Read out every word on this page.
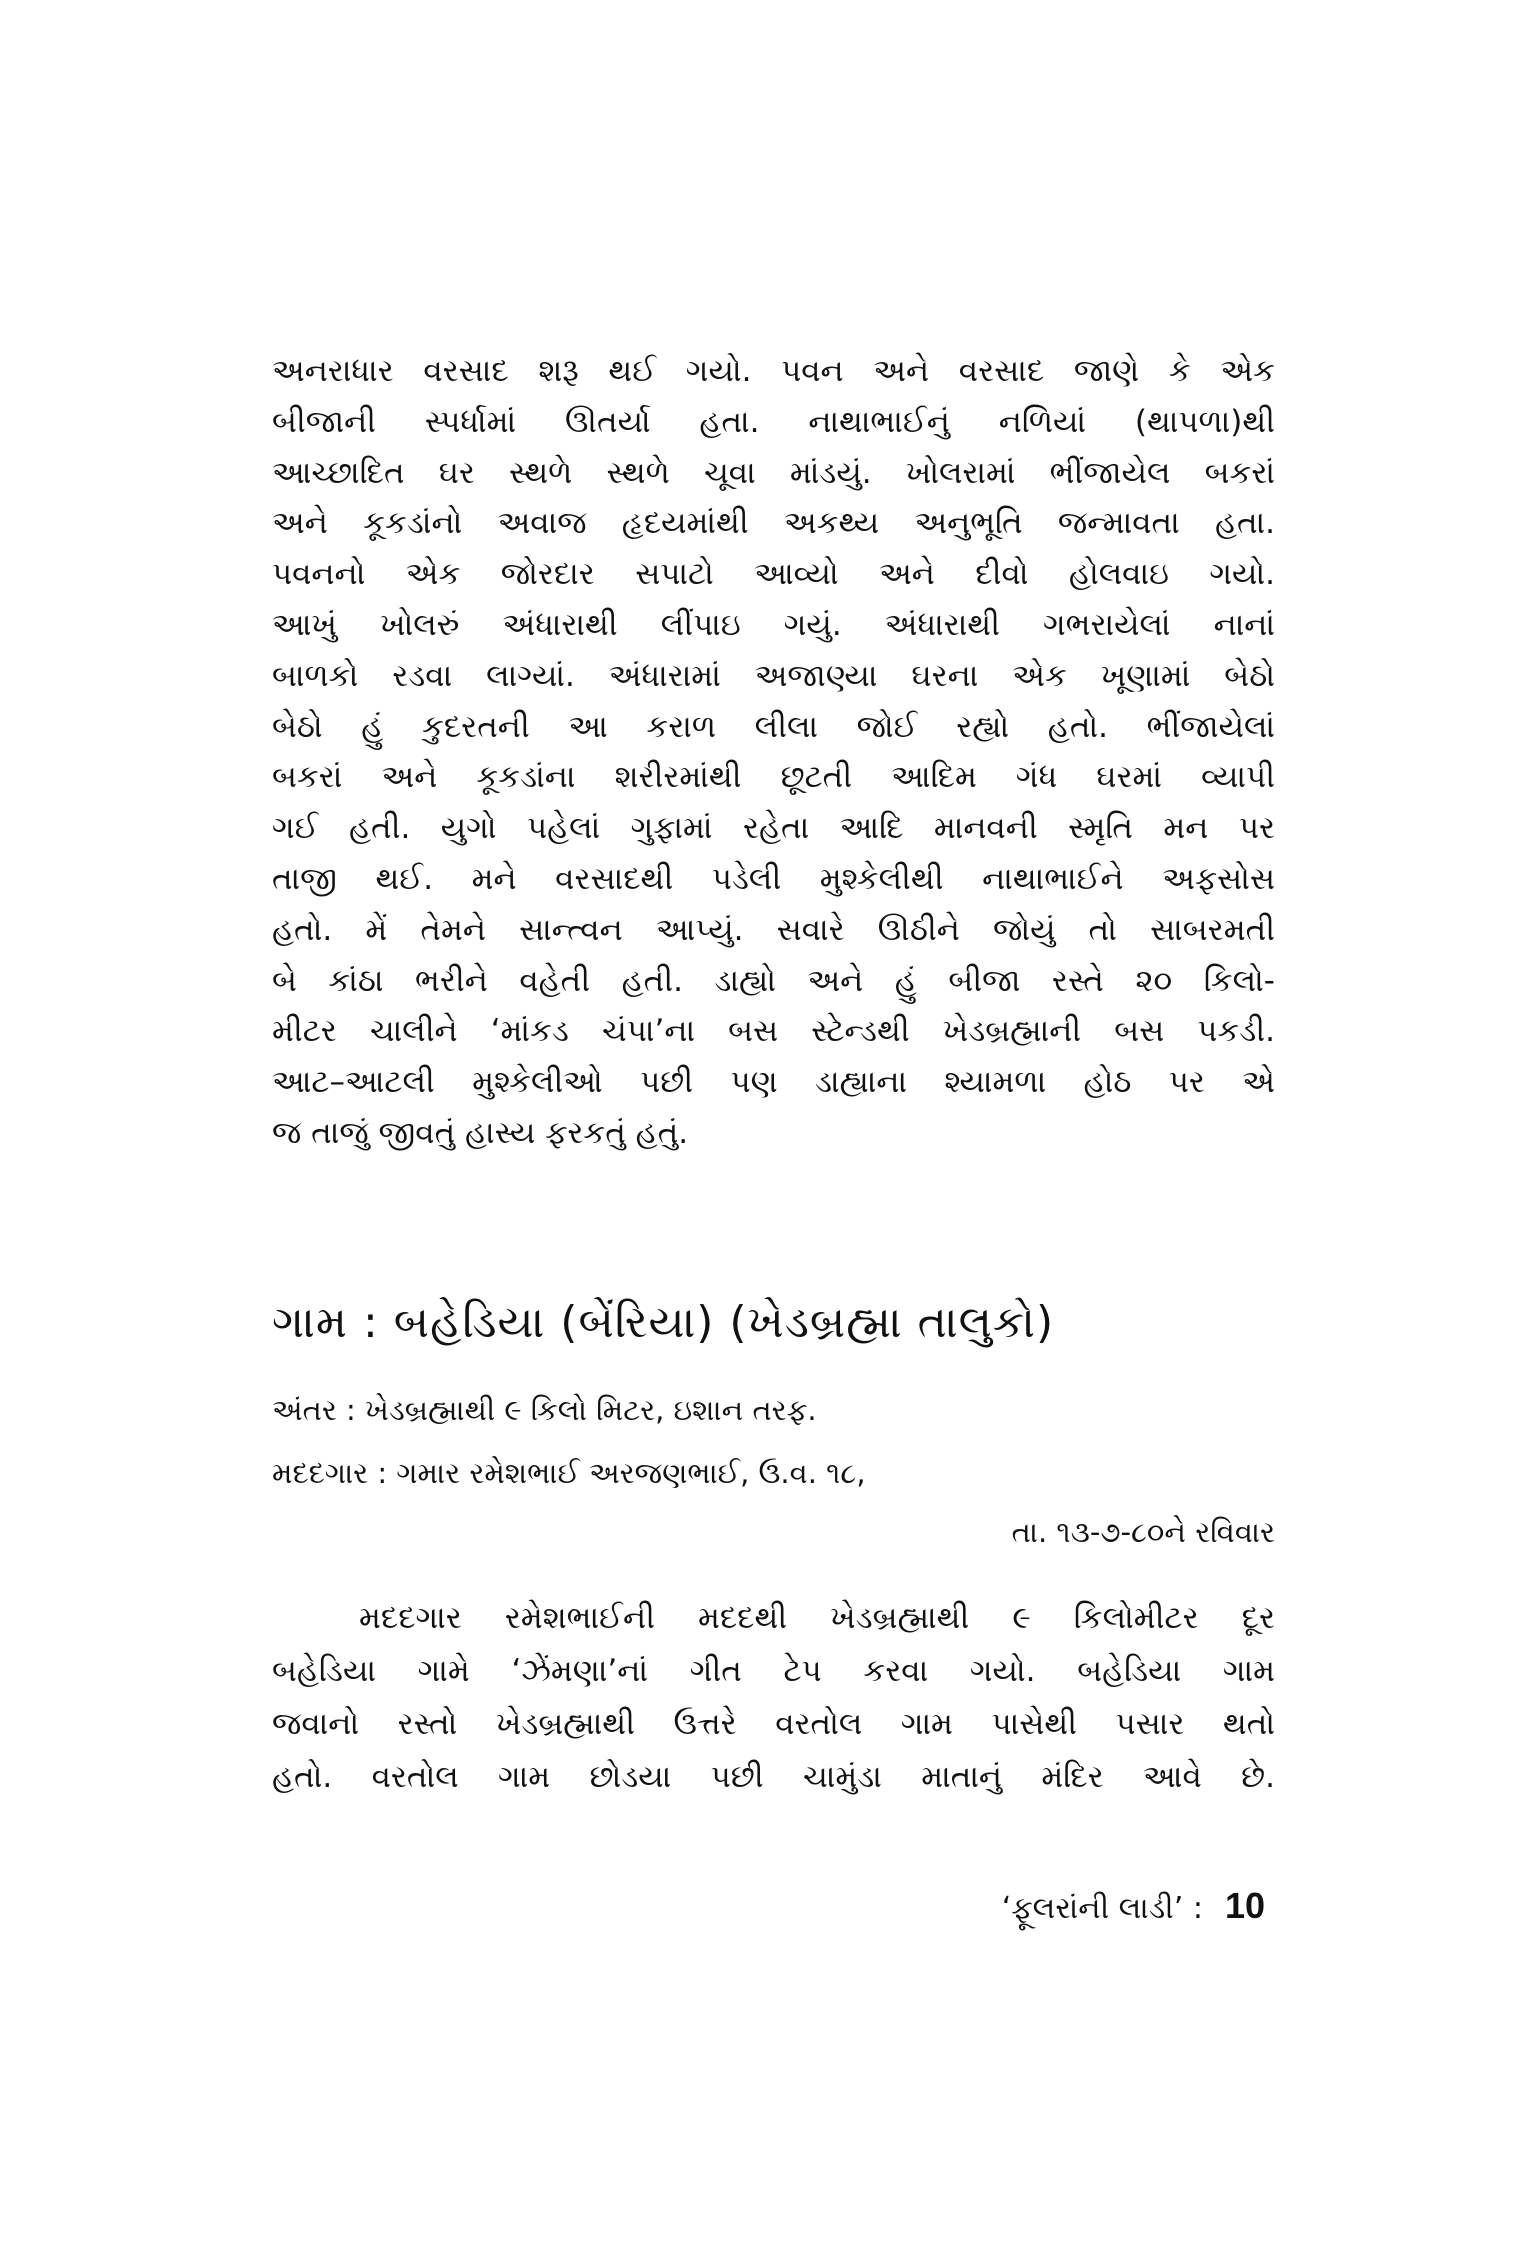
અનરાધાર વરસાદ શરૂ થઈ ગયો. પવન અને વરસાદ જાણે કે એક
બીજાની સ્પર્ધામાં ઊતર્યા હતા. નાથાભાઈનું નળિયાં (થાપળા)થી
આચ્છાદિત ઘર સ્થળે સ્થળે ચૂવા માંડયું. ખોલરામાં ભીંજાયેલ બકરાં
અને કૂકડાંનો અવાજ હૃદયમાંથી અકથ્ય અનુભૂતિ જન્માવતા હતા.
પવનનો એક જોરદાર સપાટો આવ્યો અને દીવો હોલવાઇ ગયો.
આખું ખોલરું અંધારાથી લીંપાઇ ગયું. અંધારાથી ગભરાયેલાં નાનાં
બાળકો રડવા લાગ્યાં. અંધારામાં અજાણ્યા ઘરના એક ખૂણામાં બેઠો
બેઠો હું કુદરતની આ કરાળ લીલા જોઈ રહ્યો હતો. ભીંજાયેલાં
બકરાં અને કૂકડાંના શરીરમાંથી છૂટતી આદિમ ગંધ ઘરમાં વ્યાપી
ગઈ હતી. યુગો પહેલાં ગુફામાં રહેતા આદિ માનવની સ્મૃતિ મન પર
તાજી થઈ. મને વરસાદથી પડેલી મુશ્કેલીથી નાથાભાઈને અફસોસ
હતો. મેં તેમને સાન્ત્વન આપ્યું. સવારે ઊઠીને જોયું તો સાબરમતી
બે કાંઠા ભરીને વહેતી હતી. ડાહ્યો અને હું બીજા રસ્તે ૨૦ કિલો-
મીટર ચાલીને ‘માંકડ ચંપા’ના બસ સ્ટેન્ડથી ખેડબ્રહ્માની બસ પકડી.
આટ–આટલી મુશ્કેલીઓ પછી પણ ડાહ્યાના શ્યામળા હોઠ પર એ
જ તાજું જીવતું હાસ્ય ફરકતું હતું.
ગામ : બહેડિયા (બેંરિયા) (ખેડબ્રહ્મા તાલુકો)
અંતર : ખેડબ્રહ્માથી ૯ કિલો મિટર, ઇશાન તરફ.
મદદગાર : ગમાર રમેશભાઈ અરજણભાઈ, ઉ.વ. ૧૮,
તા. ૧૩-૭-૮૦ને રવિવાર
મદદગાર રમેશભાઈની મદદથી ખેડબ્રહ્માથી ૯ કિલોમીટર દૂર
બહેડિયા ગામે ‘ઝેંમણા’નાં ગીત ટેપ કરવા ગયો. બહેડિયા ગામ
જવાનો રસ્તો ખેડબ્રહ્માથી ઉત્તરે વરતોલ ગામ પાસેથી પસાર થતો
હતો. વરતોલ ગામ છોડયા પછી ચામુંડા માતાનું મંદિર આવે છે.
‘ફૂલરાંની લાડી’ : 10
